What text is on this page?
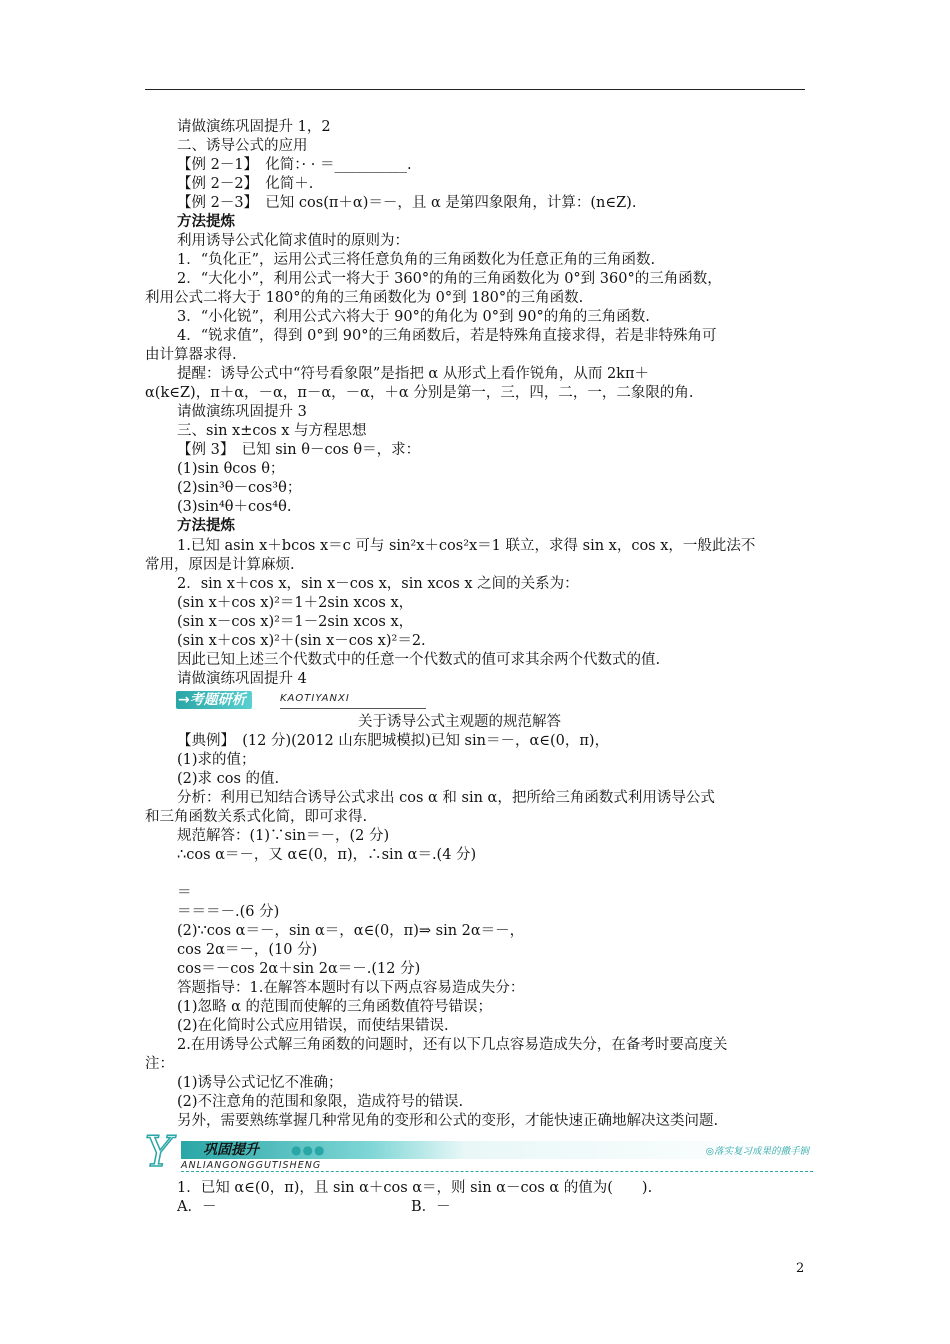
请做演练巩固提升 1，2
二、诱导公式的应用
【例 2－1】　化简：· · ＝__________.
【例 2－2】　化简＋.
【例 2－3】　已知 cos(π＋α)＝－，且 α 是第四象限角，计算：(n∈Z).
方法提炼
利用诱导公式化简求值时的原则为：
1．“负化正”，运用公式三将任意负角的三角函数化为任意正角的三角函数.
2．“大化小”，利用公式一将大于 360°的角的三角函数化为 0°到 360°的三角函数，
利用公式二将大于 180°的角的三角函数化为 0°到 180°的三角函数.
3．“小化锐”，利用公式六将大于 90°的角化为 0°到 90°的角的三角函数.
4．“锐求值”，得到 0°到 90°的三角函数后，若是特殊角直接求得，若是非特殊角可
由计算器求得.
提醒：诱导公式中“符号看象限”是指把 α 从形式上看作锐角，从而 2kπ＋
α(k∈Z)，π＋α，－α，π－α，－α，＋α 分别是第一，三，四，二，一，二象限的角.
请做演练巩固提升 3
三、sin x±cos x 与方程思想
【例 3】　已知 sin θ－cos θ＝，求：
(1)sin θcos θ；
(2)sin³θ－cos³θ；
(3)sin⁴θ＋cos⁴θ.
方法提炼
1.已知 asin x＋bcos x＝c 可与 sin²x＋cos²x＝1 联立，求得 sin x，cos x，一般此法不
常用，原因是计算麻烦.
2．sin x＋cos x，sin x－cos x，sin xcos x 之间的关系为：
(sin x＋cos x)²＝1＋2sin xcos x，
(sin x－cos x)²＝1－2sin xcos x，
(sin x＋cos x)²＋(sin x－cos x)²＝2.
因此已知上述三个代数式中的任意一个代数式的值可求其余两个代数式的值.
请做演练巩固提升 4
关于诱导公式主观题的规范解答
【典例】　(12 分)(2012 山东肥城模拟)已知 sin＝－，α∈(0，π)，
(1)求的值；
(2)求 cos 的值.
分析：利用已知结合诱导公式求出 cos α 和 sin α，把所给三角函数式利用诱导公式
和三角函数关系式化简，即可求得.
规范解答：(1)∵sin＝－，(2 分)
∴cos α＝－，又 α∈(0，π)，∴sin α＝.(4 分)
＝
＝＝＝－.(6 分)
(2)∵cos α＝－，sin α＝，α∈(0，π)⇒ sin 2α＝－，
cos 2α＝－，(10 分)
cos＝－cos 2α＋sin 2α＝－.(12 分)
答题指导：1.在解答本题时有以下两点容易造成失分：
(1)忽略 α 的范围而使解的三角函数值符号错误；
(2)在化简时公式应用错误，而使结果错误.
2.在用诱导公式解三角函数的问题时，还有以下几点容易造成失分，在备考时要高度关
注：
(1)诱导公式记忆不准确；
(2)不注意角的范围和象限，造成符号的错误.
另外，需要熟练掌握几种常见角的变形和公式的变形，才能快速正确地解决这类问题.
1．已知 α∈(0，π)，且 sin α＋cos α＝，则 sin α－cos α 的值为(　　).
A．－	B．－
→考题研析	KAOTIYANXI
Y 巩固提升	●●●	◎落实复习成果的撒手锏
ANLIANGONGGUTISHENG
2
